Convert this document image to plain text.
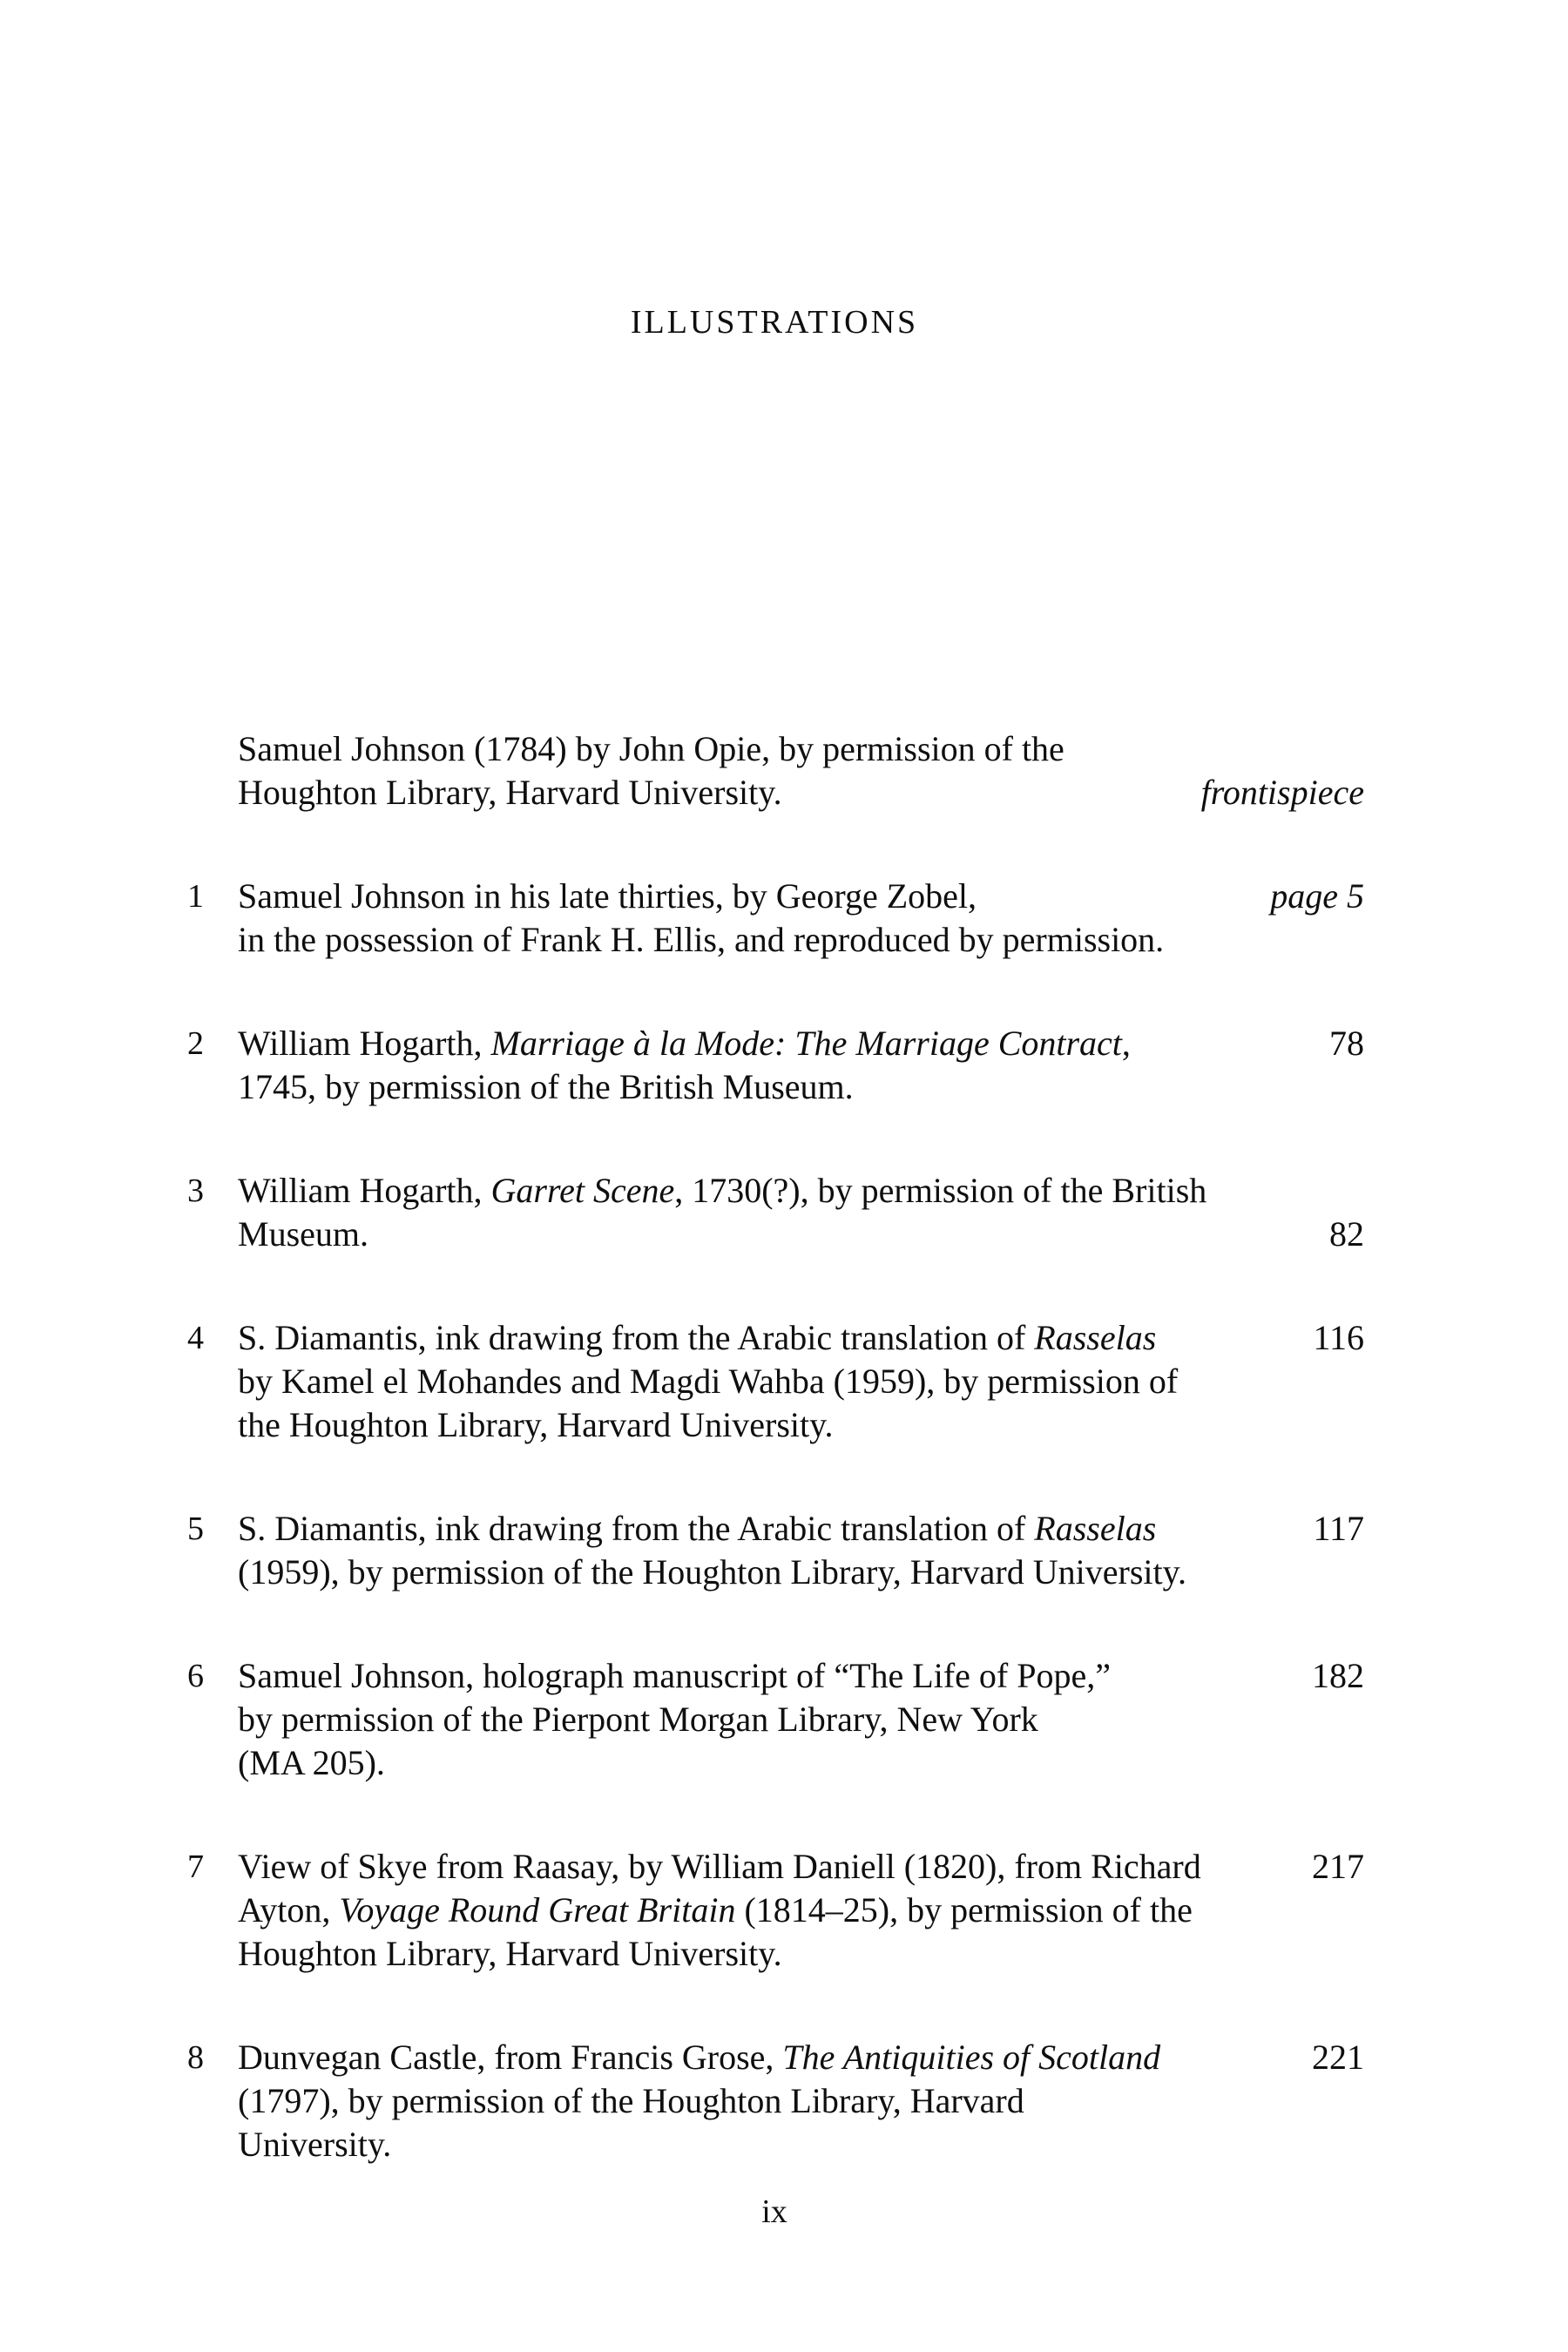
ILLUSTRATIONS
Samuel Johnson (1784) by John Opie, by permission of the
Houghton Library, Harvard University.	frontispiece
1 Samuel Johnson in his late thirties, by George Zobel,	page 5
in the possession of Frank H. Ellis, and reproduced by permission.
2 William Hogarth, Marriage à la Mode: The Marriage Contract,	78
1745, by permission of the British Museum.
3 William Hogarth, Garret Scene, 1730(?), by permission of the British
Museum.	82
4 S. Diamantis, ink drawing from the Arabic translation of Rasselas	116
by Kamel el Mohandes and Magdi Wahba (1959), by permission of
the Houghton Library, Harvard University.
5 S. Diamantis, ink drawing from the Arabic translation of Rasselas	117
(1959), by permission of the Houghton Library, Harvard University.
6 Samuel Johnson, holograph manuscript of “The Life of Pope,”	182
by permission of the Pierpont Morgan Library, New York
(MA 205).
7 View of Skye from Raasay, by William Daniell (1820), from Richard	217
Ayton, Voyage Round Great Britain (1814–25), by permission of the
Houghton Library, Harvard University.
8 Dunvegan Castle, from Francis Grose, The Antiquities of Scotland	221
(1797), by permission of the Houghton Library, Harvard
University.
ix
